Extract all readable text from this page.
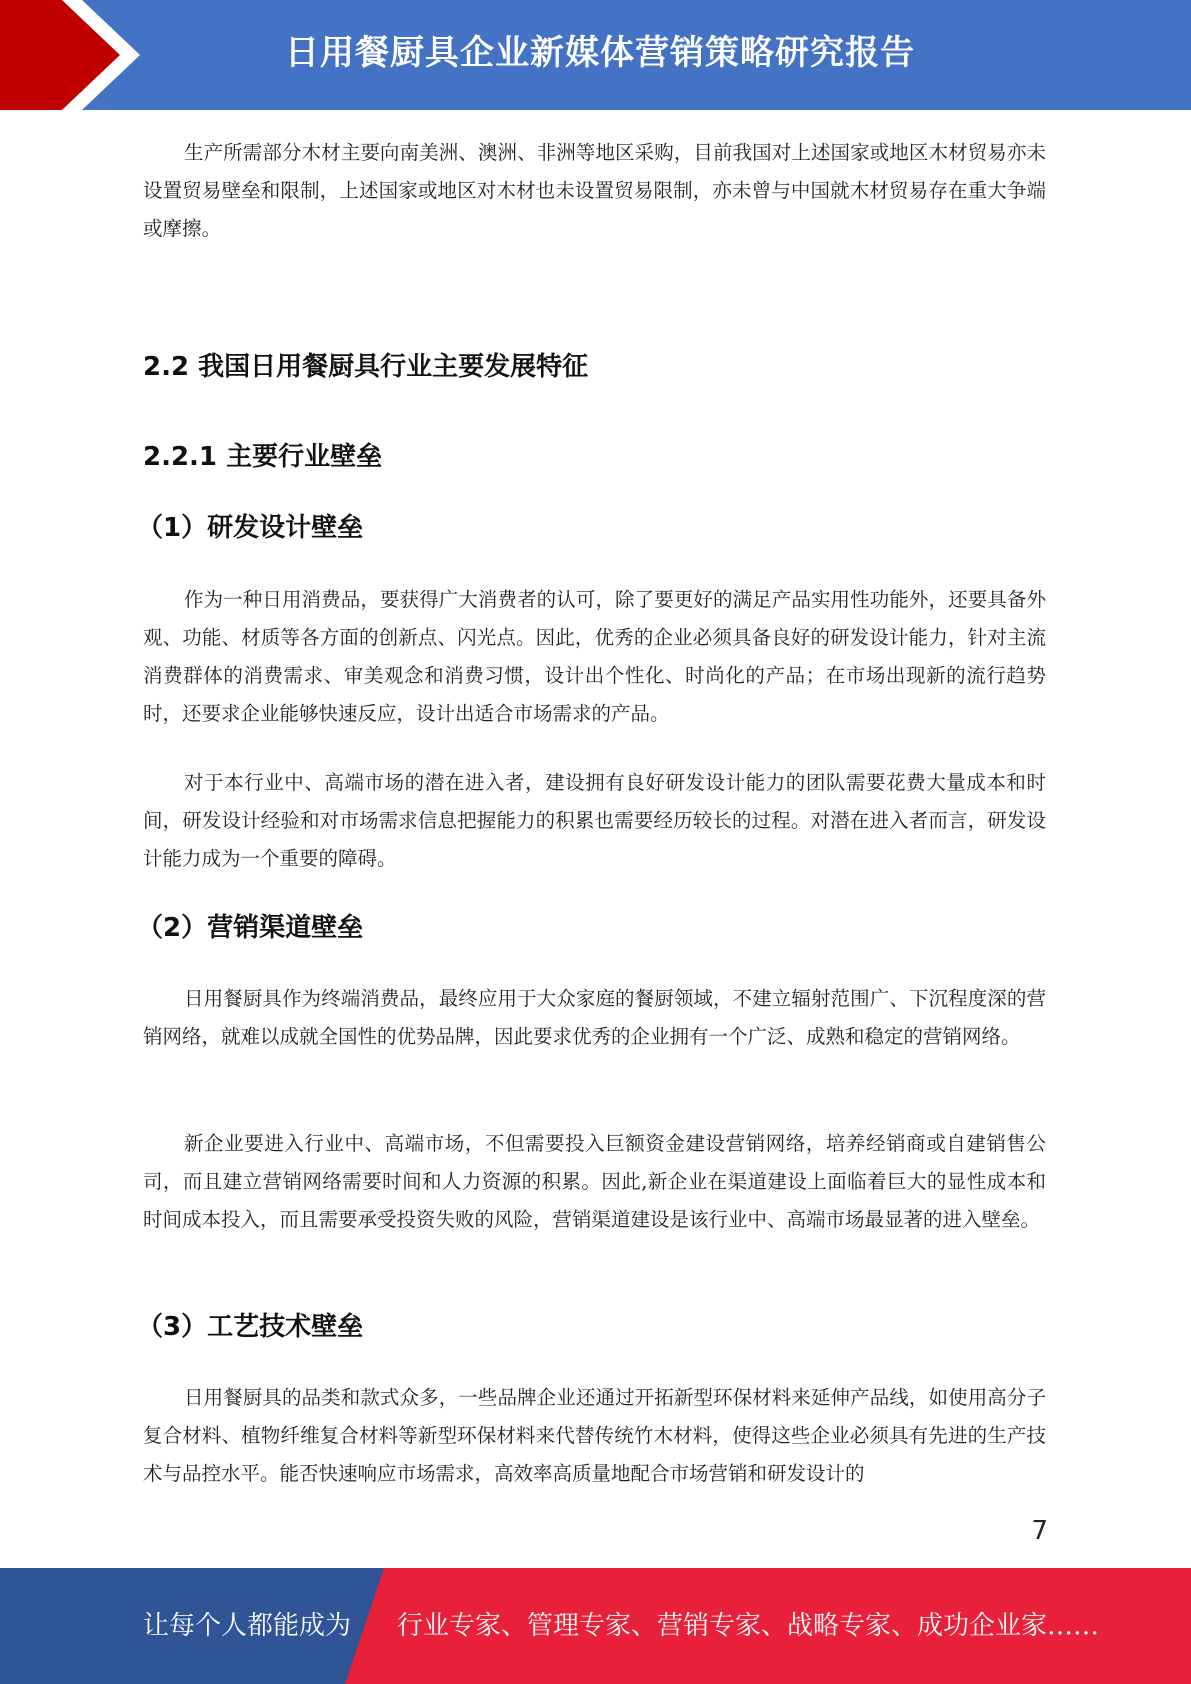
日用餐厨具企业新媒体营销策略研究报告

生产所需部分木材主要向南美洲、澳洲、非洲等地区采购，目前我国对上述国家或地区木材贸易亦未设置贸易壁垒和限制，上述国家或地区对木材也未设置贸易限制，亦未曾与中国就木材贸易存在重大争端或摩擦。

2.2 我国日用餐厨具行业主要发展特征
2.2.1 主要行业壁垒
（1）研发设计壁垒

作为一种日用消费品，要获得广大消费者的认可，除了要更好的满足产品实用性功能外，还要具备外观、功能、材质等各方面的创新点、闪光点。因此，优秀的企业必须具备良好的研发设计能力，针对主流消费群体的消费需求、审美观念和消费习惯，设计出个性化、时尚化的产品；在市场出现新的流行趋势时，还要求企业能够快速反应，设计出适合市场需求的产品。

对于本行业中、高端市场的潜在进入者，建设拥有良好研发设计能力的团队需要花费大量成本和时间，研发设计经验和对市场需求信息把握能力的积累也需要经历较长的过程。对潜在进入者而言，研发设计能力成为一个重要的障碍。

（2）营销渠道壁垒

日用餐厨具作为终端消费品，最终应用于大众家庭的餐厨领域，不建立辐射范围广、下沉程度深的营销网络，就难以成就全国性的优势品牌，因此要求优秀的企业拥有一个广泛、成熟和稳定的营销网络。

新企业要进入行业中、高端市场，不但需要投入巨额资金建设营销网络，培养经销商或自建销售公司，而且建立营销网络需要时间和人力资源的积累。因此,新企业在渠道建设上面临着巨大的显性成本和时间成本投入，而且需要承受投资失败的风险，营销渠道建设是该行业中、高端市场最显著的进入壁垒。

（3）工艺技术壁垒

日用餐厨具的品类和款式众多，一些品牌企业还通过开拓新型环保材料来延伸产品线，如使用高分子复合材料、植物纤维复合材料等新型环保材料来代替传统竹木材料，使得这些企业必须具有先进的生产技术与品控水平。能否快速响应市场需求，高效率高质量地配合市场营销和研发设计的

7
让每个人都能成为 行业专家、管理专家、营销专家、战略专家、成功企业家……
